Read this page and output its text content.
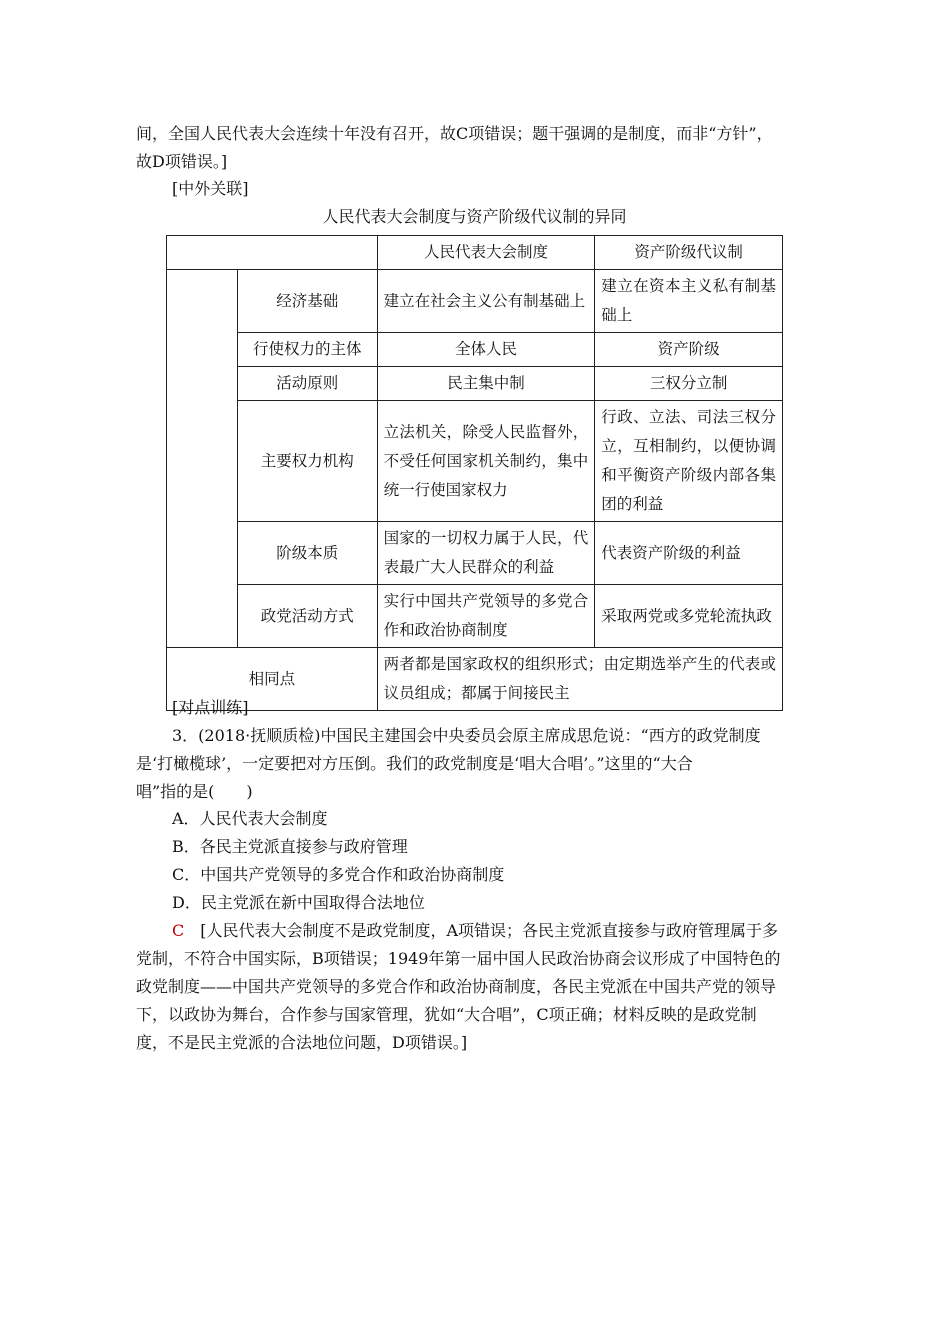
间，全国人民代表大会连续十年没有召开，故C项错误；题干强调的是制度，而非“方针”，
故D项错误。]
[中外关联]
人民代表大会制度与资产阶级代议制的异同
		人民代表大会制度	资产阶级代议制
	经济基础	建立在社会主义公有制基础上	建立在资本主义私有制基础上
	行使权力的主体	全体人民	资产阶级
	活动原则	民主集中制	三权分立制
	主要权力机构	立法机关，除受人民监督外，不受任何国家机关制约，集中统一行使国家权力	行政、立法、司法三权分立，互相制约，以便协调和平衡资产阶级内部各集团的利益
	阶级本质	国家的一切权力属于人民，代表最广大人民群众的利益	代表资产阶级的利益
	政党活动方式	实行中国共产党领导的多党合作和政治协商制度	采取两党或多党轮流执政
相同点		两者都是国家政权的组织形式；由定期选举产生的代表或议员组成；都属于间接民主	
[对点训练]
3．(2018·抚顺质检)中国民主建国会中央委员会原主席成思危说：“西方的政党制度
是‘打橄榄球’，一定要把对方压倒。我们的政党制度是‘唱大合唱’。”这里的“大合
唱”指的是(　　)
A．人民代表大会制度
B．各民主党派直接参与政府管理
C．中国共产党领导的多党合作和政治协商制度
D．民主党派在新中国取得合法地位
C　[人民代表大会制度不是政党制度，A项错误；各民主党派直接参与政府管理属于多
党制，不符合中国实际，B项错误；1949年第一届中国人民政治协商会议形成了中国特色的
政党制度——中国共产党领导的多党合作和政治协商制度，各民主党派在中国共产党的领导
下，以政协为舞台，合作参与国家管理，犹如“大合唱”，C项正确；材料反映的是政党制
度，不是民主党派的合法地位问题，D项错误。]
